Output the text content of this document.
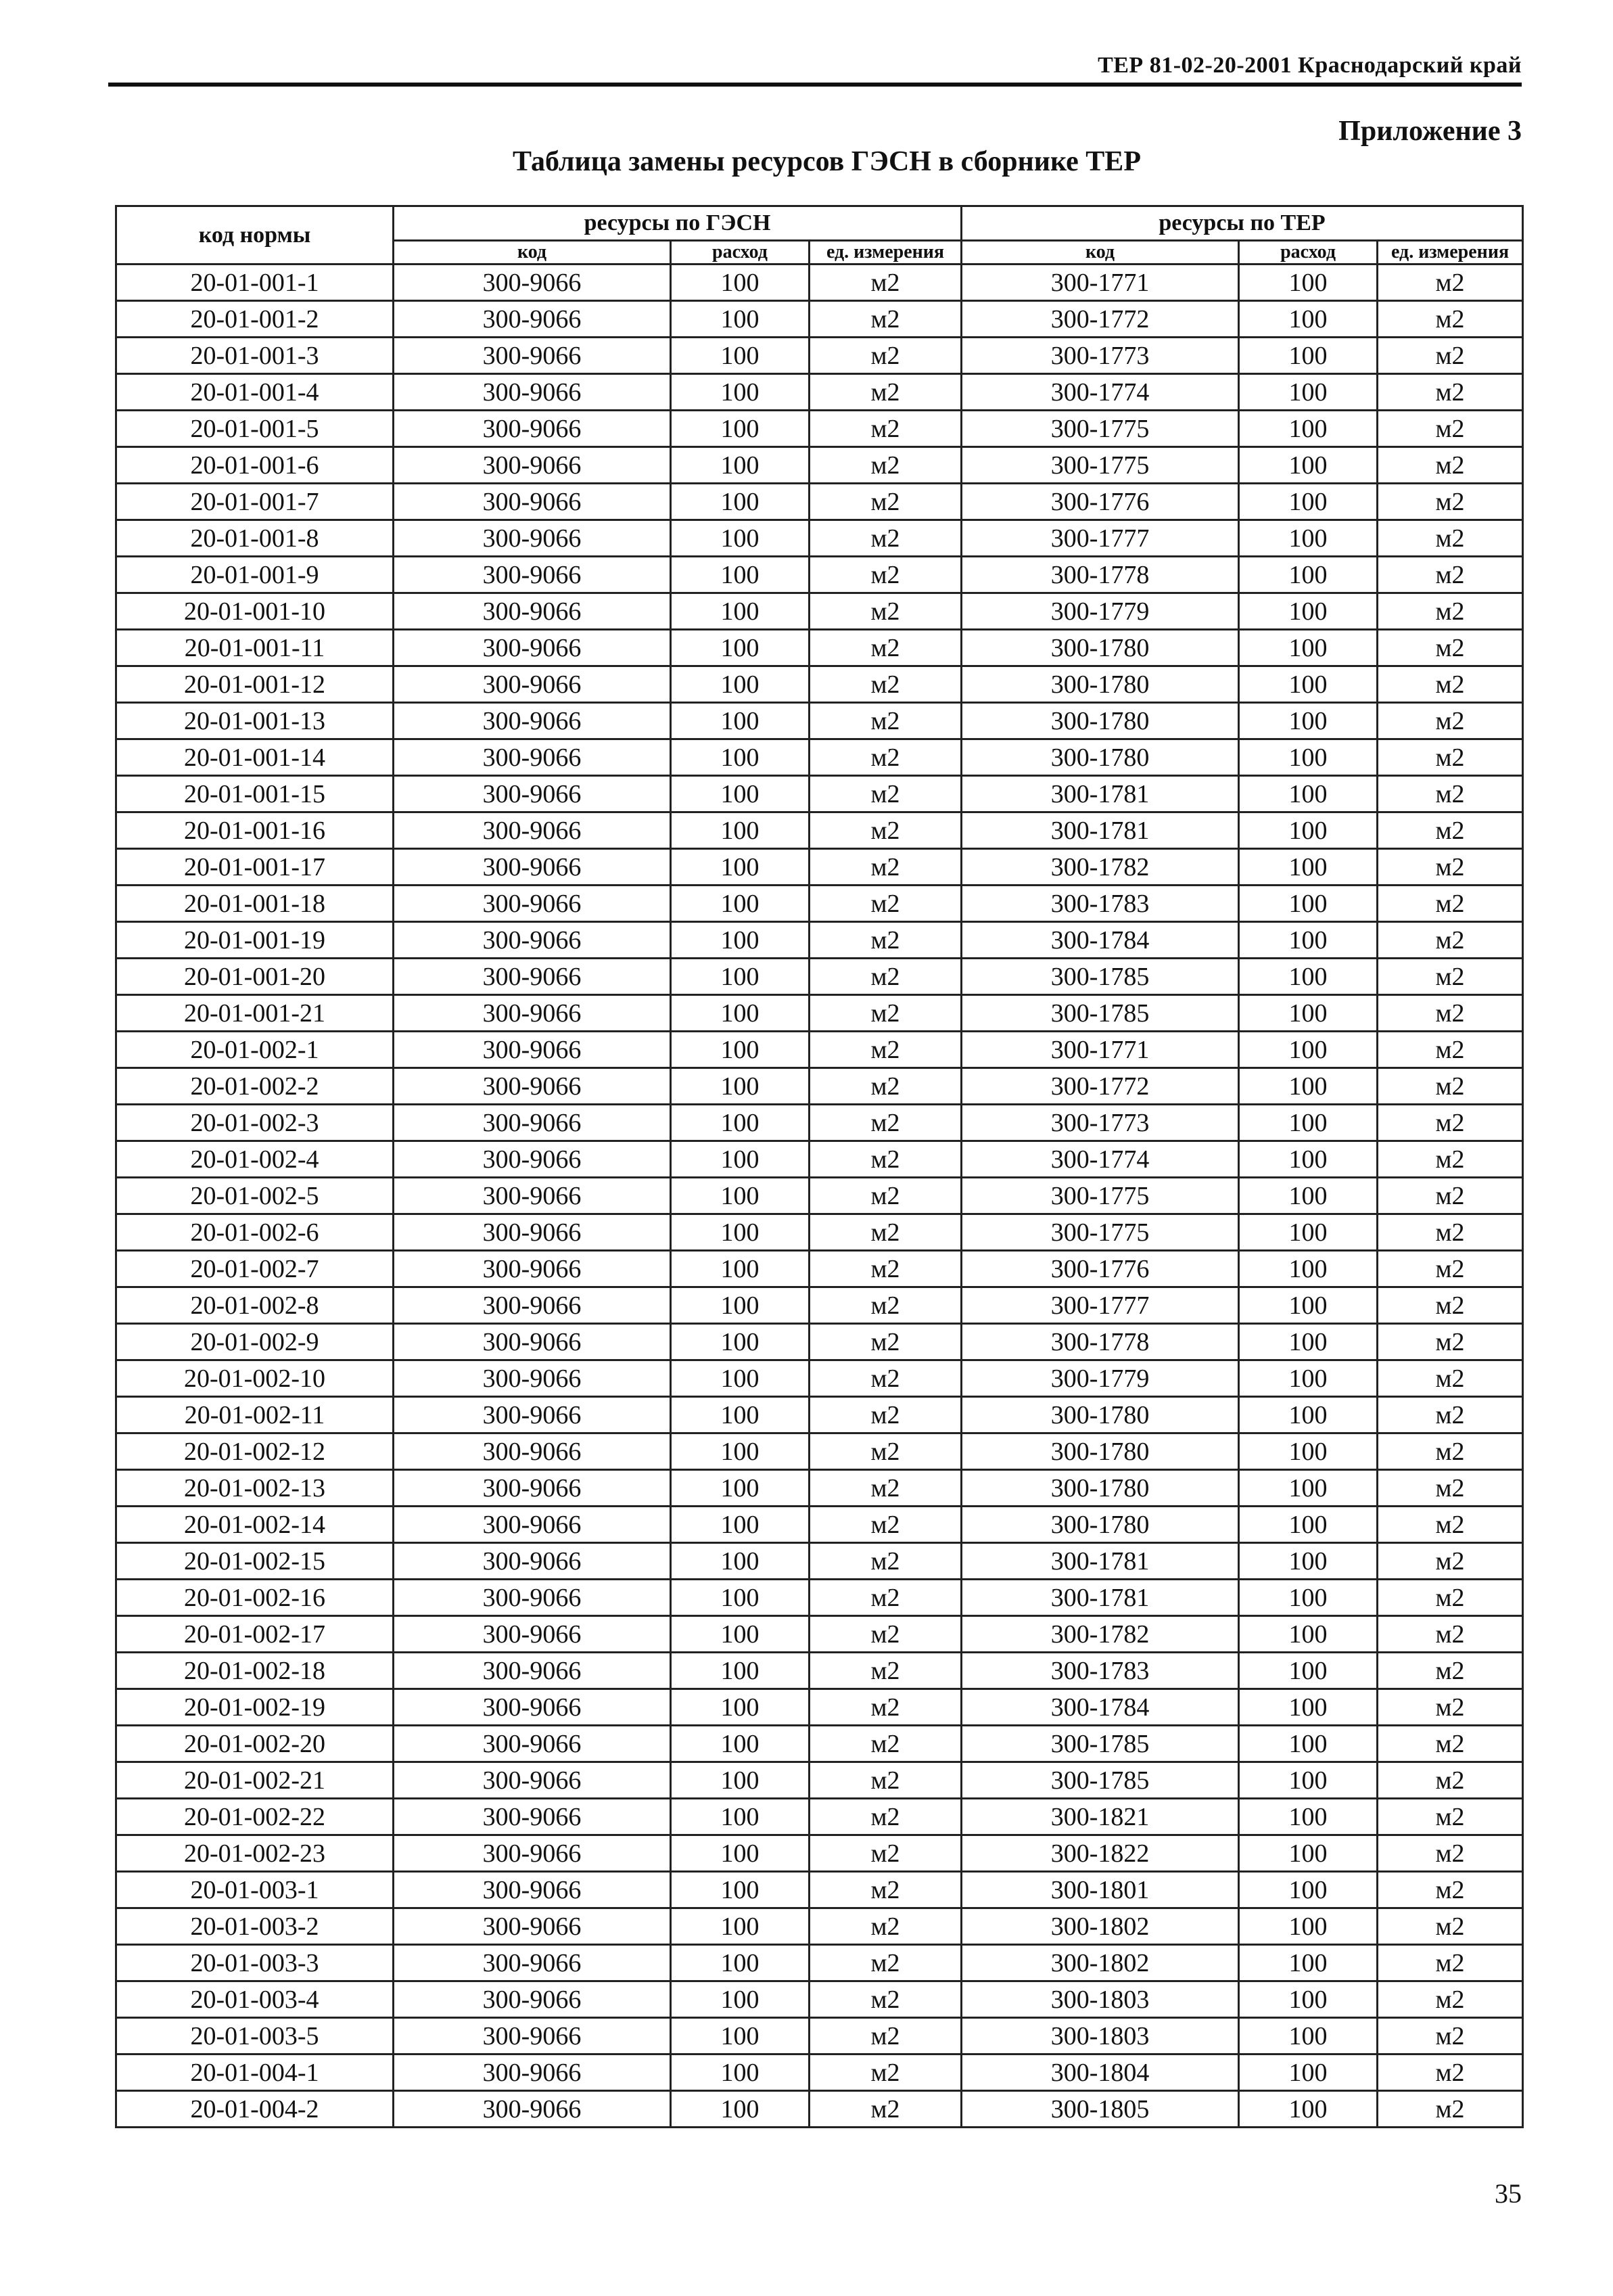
ТЕР 81-02-20-2001 Краснодарский край
Приложение 3
Таблица замены ресурсов ГЭСН в сборнике ТЕР
код нормы	ресурсы по ГЭСН			ресурсы по ТЕР		
	код	расход	ед. измерения	код	расход	ед. измерения
20-01-001-1	300-9066	100	м2	300-1771	100	м2
20-01-001-2	300-9066	100	м2	300-1772	100	м2
20-01-001-3	300-9066	100	м2	300-1773	100	м2
20-01-001-4	300-9066	100	м2	300-1774	100	м2
20-01-001-5	300-9066	100	м2	300-1775	100	м2
20-01-001-6	300-9066	100	м2	300-1775	100	м2
20-01-001-7	300-9066	100	м2	300-1776	100	м2
20-01-001-8	300-9066	100	м2	300-1777	100	м2
20-01-001-9	300-9066	100	м2	300-1778	100	м2
20-01-001-10	300-9066	100	м2	300-1779	100	м2
20-01-001-11	300-9066	100	м2	300-1780	100	м2
20-01-001-12	300-9066	100	м2	300-1780	100	м2
20-01-001-13	300-9066	100	м2	300-1780	100	м2
20-01-001-14	300-9066	100	м2	300-1780	100	м2
20-01-001-15	300-9066	100	м2	300-1781	100	м2
20-01-001-16	300-9066	100	м2	300-1781	100	м2
20-01-001-17	300-9066	100	м2	300-1782	100	м2
20-01-001-18	300-9066	100	м2	300-1783	100	м2
20-01-001-19	300-9066	100	м2	300-1784	100	м2
20-01-001-20	300-9066	100	м2	300-1785	100	м2
20-01-001-21	300-9066	100	м2	300-1785	100	м2
20-01-002-1	300-9066	100	м2	300-1771	100	м2
20-01-002-2	300-9066	100	м2	300-1772	100	м2
20-01-002-3	300-9066	100	м2	300-1773	100	м2
20-01-002-4	300-9066	100	м2	300-1774	100	м2
20-01-002-5	300-9066	100	м2	300-1775	100	м2
20-01-002-6	300-9066	100	м2	300-1775	100	м2
20-01-002-7	300-9066	100	м2	300-1776	100	м2
20-01-002-8	300-9066	100	м2	300-1777	100	м2
20-01-002-9	300-9066	100	м2	300-1778	100	м2
20-01-002-10	300-9066	100	м2	300-1779	100	м2
20-01-002-11	300-9066	100	м2	300-1780	100	м2
20-01-002-12	300-9066	100	м2	300-1780	100	м2
20-01-002-13	300-9066	100	м2	300-1780	100	м2
20-01-002-14	300-9066	100	м2	300-1780	100	м2
20-01-002-15	300-9066	100	м2	300-1781	100	м2
20-01-002-16	300-9066	100	м2	300-1781	100	м2
20-01-002-17	300-9066	100	м2	300-1782	100	м2
20-01-002-18	300-9066	100	м2	300-1783	100	м2
20-01-002-19	300-9066	100	м2	300-1784	100	м2
20-01-002-20	300-9066	100	м2	300-1785	100	м2
20-01-002-21	300-9066	100	м2	300-1785	100	м2
20-01-002-22	300-9066	100	м2	300-1821	100	м2
20-01-002-23	300-9066	100	м2	300-1822	100	м2
20-01-003-1	300-9066	100	м2	300-1801	100	м2
20-01-003-2	300-9066	100	м2	300-1802	100	м2
20-01-003-3	300-9066	100	м2	300-1802	100	м2
20-01-003-4	300-9066	100	м2	300-1803	100	м2
20-01-003-5	300-9066	100	м2	300-1803	100	м2
20-01-004-1	300-9066	100	м2	300-1804	100	м2
20-01-004-2	300-9066	100	м2	300-1805	100	м2
35
